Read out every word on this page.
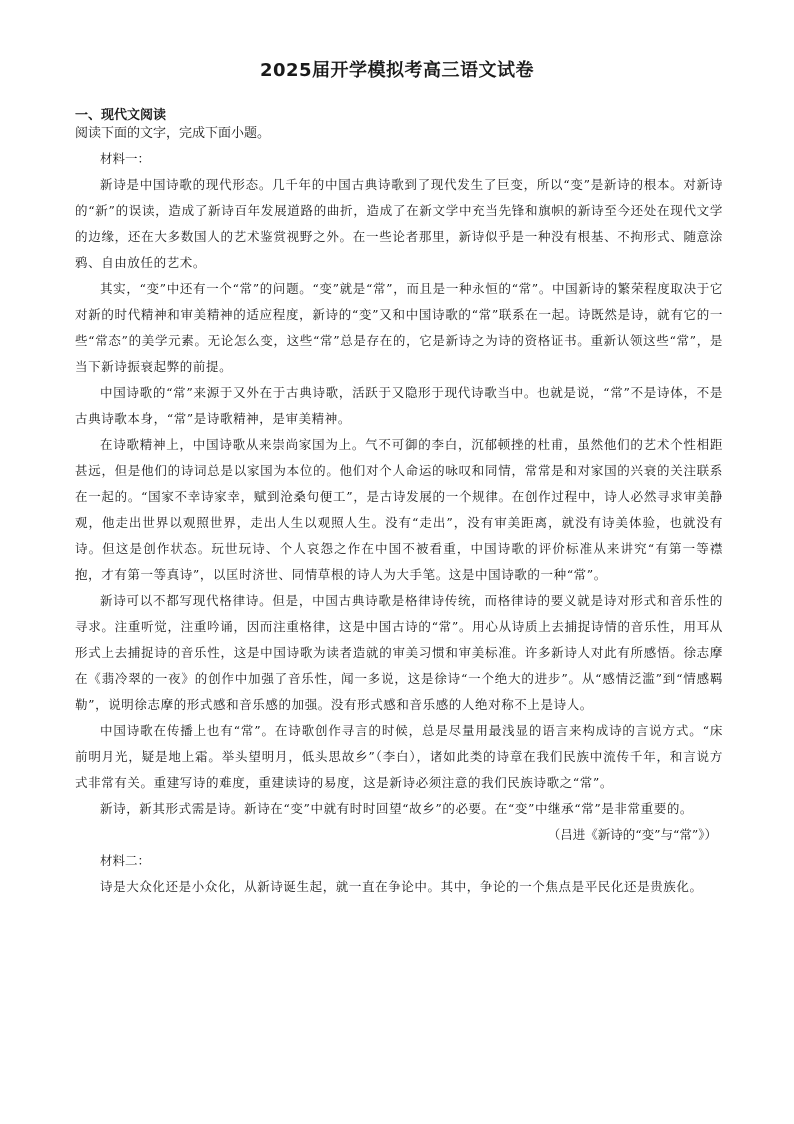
2025届开学模拟考高三语文试卷
一、现代文阅读
阅读下面的文字，完成下面小题。

材料一：

新诗是中国诗歌的现代形态。几千年的中国古典诗歌到了现代发生了巨变，所以“变”是新诗的根本。对新诗的“新”的误读，造成了新诗百年发展道路的曲折，造成了在新文学中充当先锋和旗帜的新诗至今还处在现代文学的边缘，还在大多数国人的艺术鉴赏视野之外。在一些论者那里，新诗似乎是一种没有根基、不拘形式、随意涂鸦、自由放任的艺术。

其实，“变”中还有一个“常”的问题。“变”就是“常”，而且是一种永恒的“常”。中国新诗的繁荣程度取决于它对新的时代精神和审美精神的适应程度，新诗的“变”又和中国诗歌的“常”联系在一起。诗既然是诗，就有它的一些“常态”的美学元素。无论怎么变，这些“常”总是存在的，它是新诗之为诗的资格证书。重新认领这些“常”，是当下新诗振衰起弊的前提。

中国诗歌的“常”来源于又外在于古典诗歌，活跃于又隐形于现代诗歌当中。也就是说，“常”不是诗体，不是古典诗歌本身，“常”是诗歌精神，是审美精神。

在诗歌精神上，中国诗歌从来崇尚家国为上。气不可御的李白，沉郁顿挫的杜甫，虽然他们的艺术个性相距甚远，但是他们的诗词总是以家国为本位的。他们对个人命运的咏叹和同情，常常是和对家国的兴衰的关注联系在一起的。“国家不幸诗家幸，赋到沧桑句便工”，是古诗发展的一个规律。在创作过程中，诗人必然寻求审美静观，他走出世界以观照世界，走出人生以观照人生。没有“走出”，没有审美距离，就没有诗美体验，也就没有诗。但这是创作状态。玩世玩诗、个人哀怨之作在中国不被看重，中国诗歌的评价标准从来讲究“有第一等襟抱，才有第一等真诗”，以匡时济世、同情草根的诗人为大手笔。这是中国诗歌的一种“常”。

新诗可以不都写现代格律诗。但是，中国古典诗歌是格律诗传统，而格律诗的要义就是诗对形式和音乐性的寻求。注重听觉，注重吟诵，因而注重格律，这是中国古诗的“常”。用心从诗质上去捕捉诗情的音乐性，用耳从形式上去捕捉诗的音乐性，这是中国诗歌为读者造就的审美习惯和审美标准。许多新诗人对此有所感悟。徐志摩在《翡冷翠的一夜》的创作中加强了音乐性，闻一多说，这是徐诗“一个绝大的进步”。从“感情泛滥”到“情感羁勒”，说明徐志摩的形式感和音乐感的加强。没有形式感和音乐感的人绝对称不上是诗人。

中国诗歌在传播上也有“常”。在诗歌创作寻言的时候，总是尽量用最浅显的语言来构成诗的言说方式。“床前明月光，疑是地上霜。举头望明月，低头思故乡”（李白），诸如此类的诗章在我们民族中流传千年，和言说方式非常有关。重建写诗的难度，重建读诗的易度，这是新诗必须注意的我们民族诗歌之“常”。

新诗，新其形式需是诗。新诗在“变”中就有时时回望“故乡”的必要。在“变”中继承“常”是非常重要的。

（吕进《新诗的“变”与“常”》）

材料二：

诗是大众化还是小众化，从新诗诞生起，就一直在争论中。其中，争论的一个焦点是平民化还是贵族化。
